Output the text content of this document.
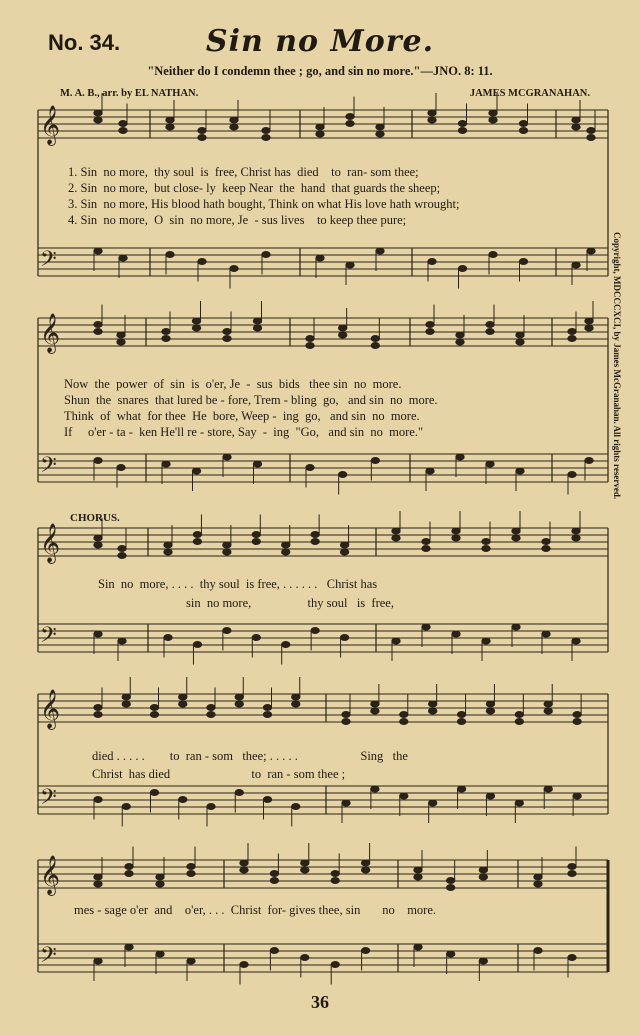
𝄞
𝄢
𝄞
𝄢
𝄞
𝄢
𝄞
𝄢
𝄞
𝄢
No. 34.	Sin no More.
"Neither do I condemn thee ; go, and sin no more."—JNO. 8: 11.
M. A. B., arr. by EL NATHAN.	JAMES MCGRANAHAN.
Copyright, MDCCCXCI, by James McGranahan. All rights reserved.
1. Sin  no more,  thy soul  is  free, Christ has  died    to  ran- som thee;
2. Sin  no more,  but close- ly  keep Near  the  hand  that guards the sheep;
3. Sin  no more, His blood hath bought, Think on what His love hath wrought;
4. Sin  no more,  O  sin  no more, Je  - sus lives    to keep thee pure;
Now  the  power  of  sin  is  o'er, Je  -  sus  bids   thee sin  no  more.
Shun  the  snares  that lured be - fore, Trem - bling  go,   and sin  no  more.
Think  of  what  for thee  He  bore, Weep -  ing  go,   and sin  no  more.
If     o'er - ta -  ken He'll re - store, Say  -  ing  "Go,   and sin  no  more."
CHORUS.
Sin  no  more, . . . .  thy soul  is free, . . . . . .   Christ has
sin  no more,                  thy soul   is  free,
died . . . . .        to  ran - som   thee; . . . . .                    Sing   the
Christ  has died                          to  ran - som thee ;
mes - sage o'er  and    o'er, . . .  Christ  for- gives thee, sin       no    more.
36
